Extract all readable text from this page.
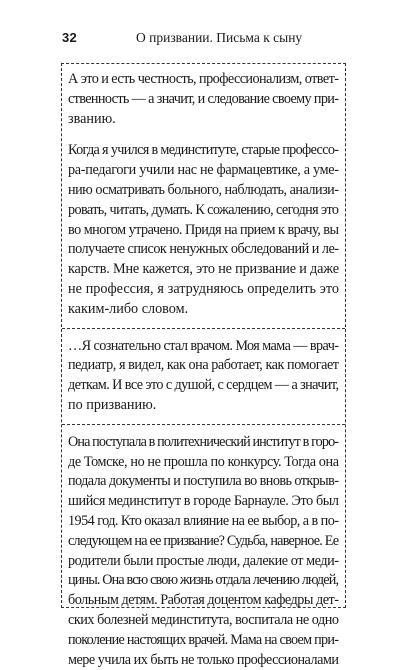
32	О призвании. Письма к сыну

А это и есть честность, профессионализм, ответ-
ственность — а значит, и следование своему при-
званию.

Когда я учился в мединституте, старые профессо-
ра-педагоги учили нас не фармацевтике, а уме-
нию осматривать больного, наблюдать, анализи-
ровать, читать, думать. К сожалению, сегодня это
во многом утрачено. Придя на прием к врачу, вы
получаете список ненужных обследований и ле-
карств. Мне кажется, это не призвание и даже
не профессия, я затрудняюсь определить это
каким-либо словом.

…Я сознательно стал врачом. Моя мама — врач-
педиатр, я видел, как она работает, как помогает
деткам. И все это с душой, с сердцем — а значит,
по призванию.

Она поступала в политехнический институт в горо-
де Томске, но не прошла по конкурсу. Тогда она
подала документы и поступила во вновь открыв-
шийся мединститут в городе Барнауле. Это был
1954 год. Кто оказал влияние на ее выбор, а в по-
следующем на ее призвание? Судьба, наверное. Ее
родители были простые люди, далекие от меди-
цины. Она всю свою жизнь отдала лечению людей,
больным детям. Работая доцентом кафедры дет-
ских болезней мединститута, воспитала не одно
поколение настоящих врачей. Мама на своем при-
мере учила их быть не только профессионалами
